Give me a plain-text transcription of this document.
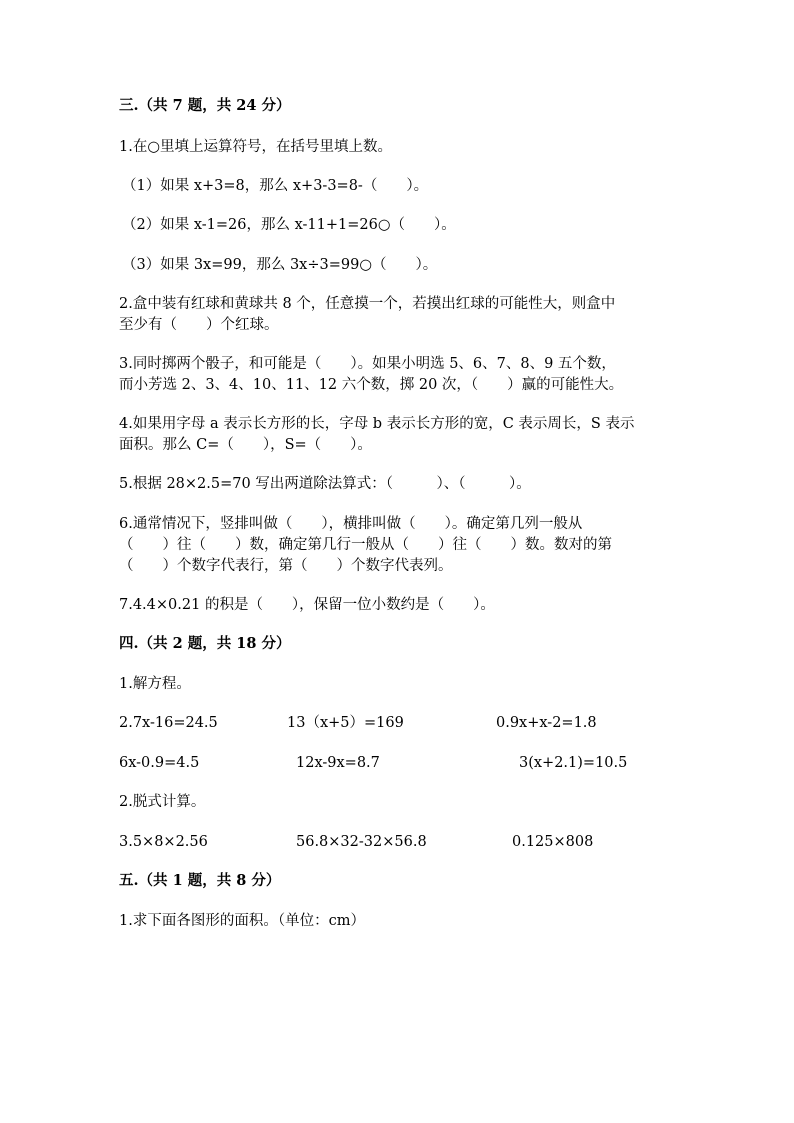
三.（共 7 题，共 24 分）
1.在○里填上运算符号，在括号里填上数。
（1）如果 x+3=8，那么 x+3-3=8-（　　）。
（2）如果 x-1=26，那么 x-11+1=26○（　　）。
（3）如果 3x=99，那么 3x÷3=99○（　　）。
2.盒中装有红球和黄球共 8 个，任意摸一个，若摸出红球的可能性大，则盒中
至少有（　　）个红球。
3.同时掷两个骰子，和可能是（　　）。如果小明选 5、6、7、8、9 五个数，
而小芳选 2、3、4、10、11、12 六个数，掷 20 次，（　　）赢的可能性大。
4.如果用字母 a 表示长方形的长，字母 b 表示长方形的宽，C 表示周长，S 表示
面积。那么 C=（　　），S=（　　）。
5.根据 28×2.5=70 写出两道除法算式：（　　　）、（　　　）。
6.通常情况下，竖排叫做（　　），横排叫做（　　）。确定第几列一般从
（　　）往（　　）数，确定第几行一般从（　　）往（　　）数。数对的第
（　　）个数字代表行，第（　　）个数字代表列。
7.4.4×0.21 的积是（　　），保留一位小数约是（　　）。
四.（共 2 题，共 18 分）
1.解方程。
2.7x-16=24.5	13（x+5）=169	0.9x+x-2=1.8
6x-0.9=4.5	12x-9x=8.7	3(x+2.1)=10.5
2.脱式计算。
3.5×8×2.56	56.8×32-32×56.8	0.125×808
五.（共 1 题，共 8 分）
1.求下面各图形的面积。（单位：cm）
